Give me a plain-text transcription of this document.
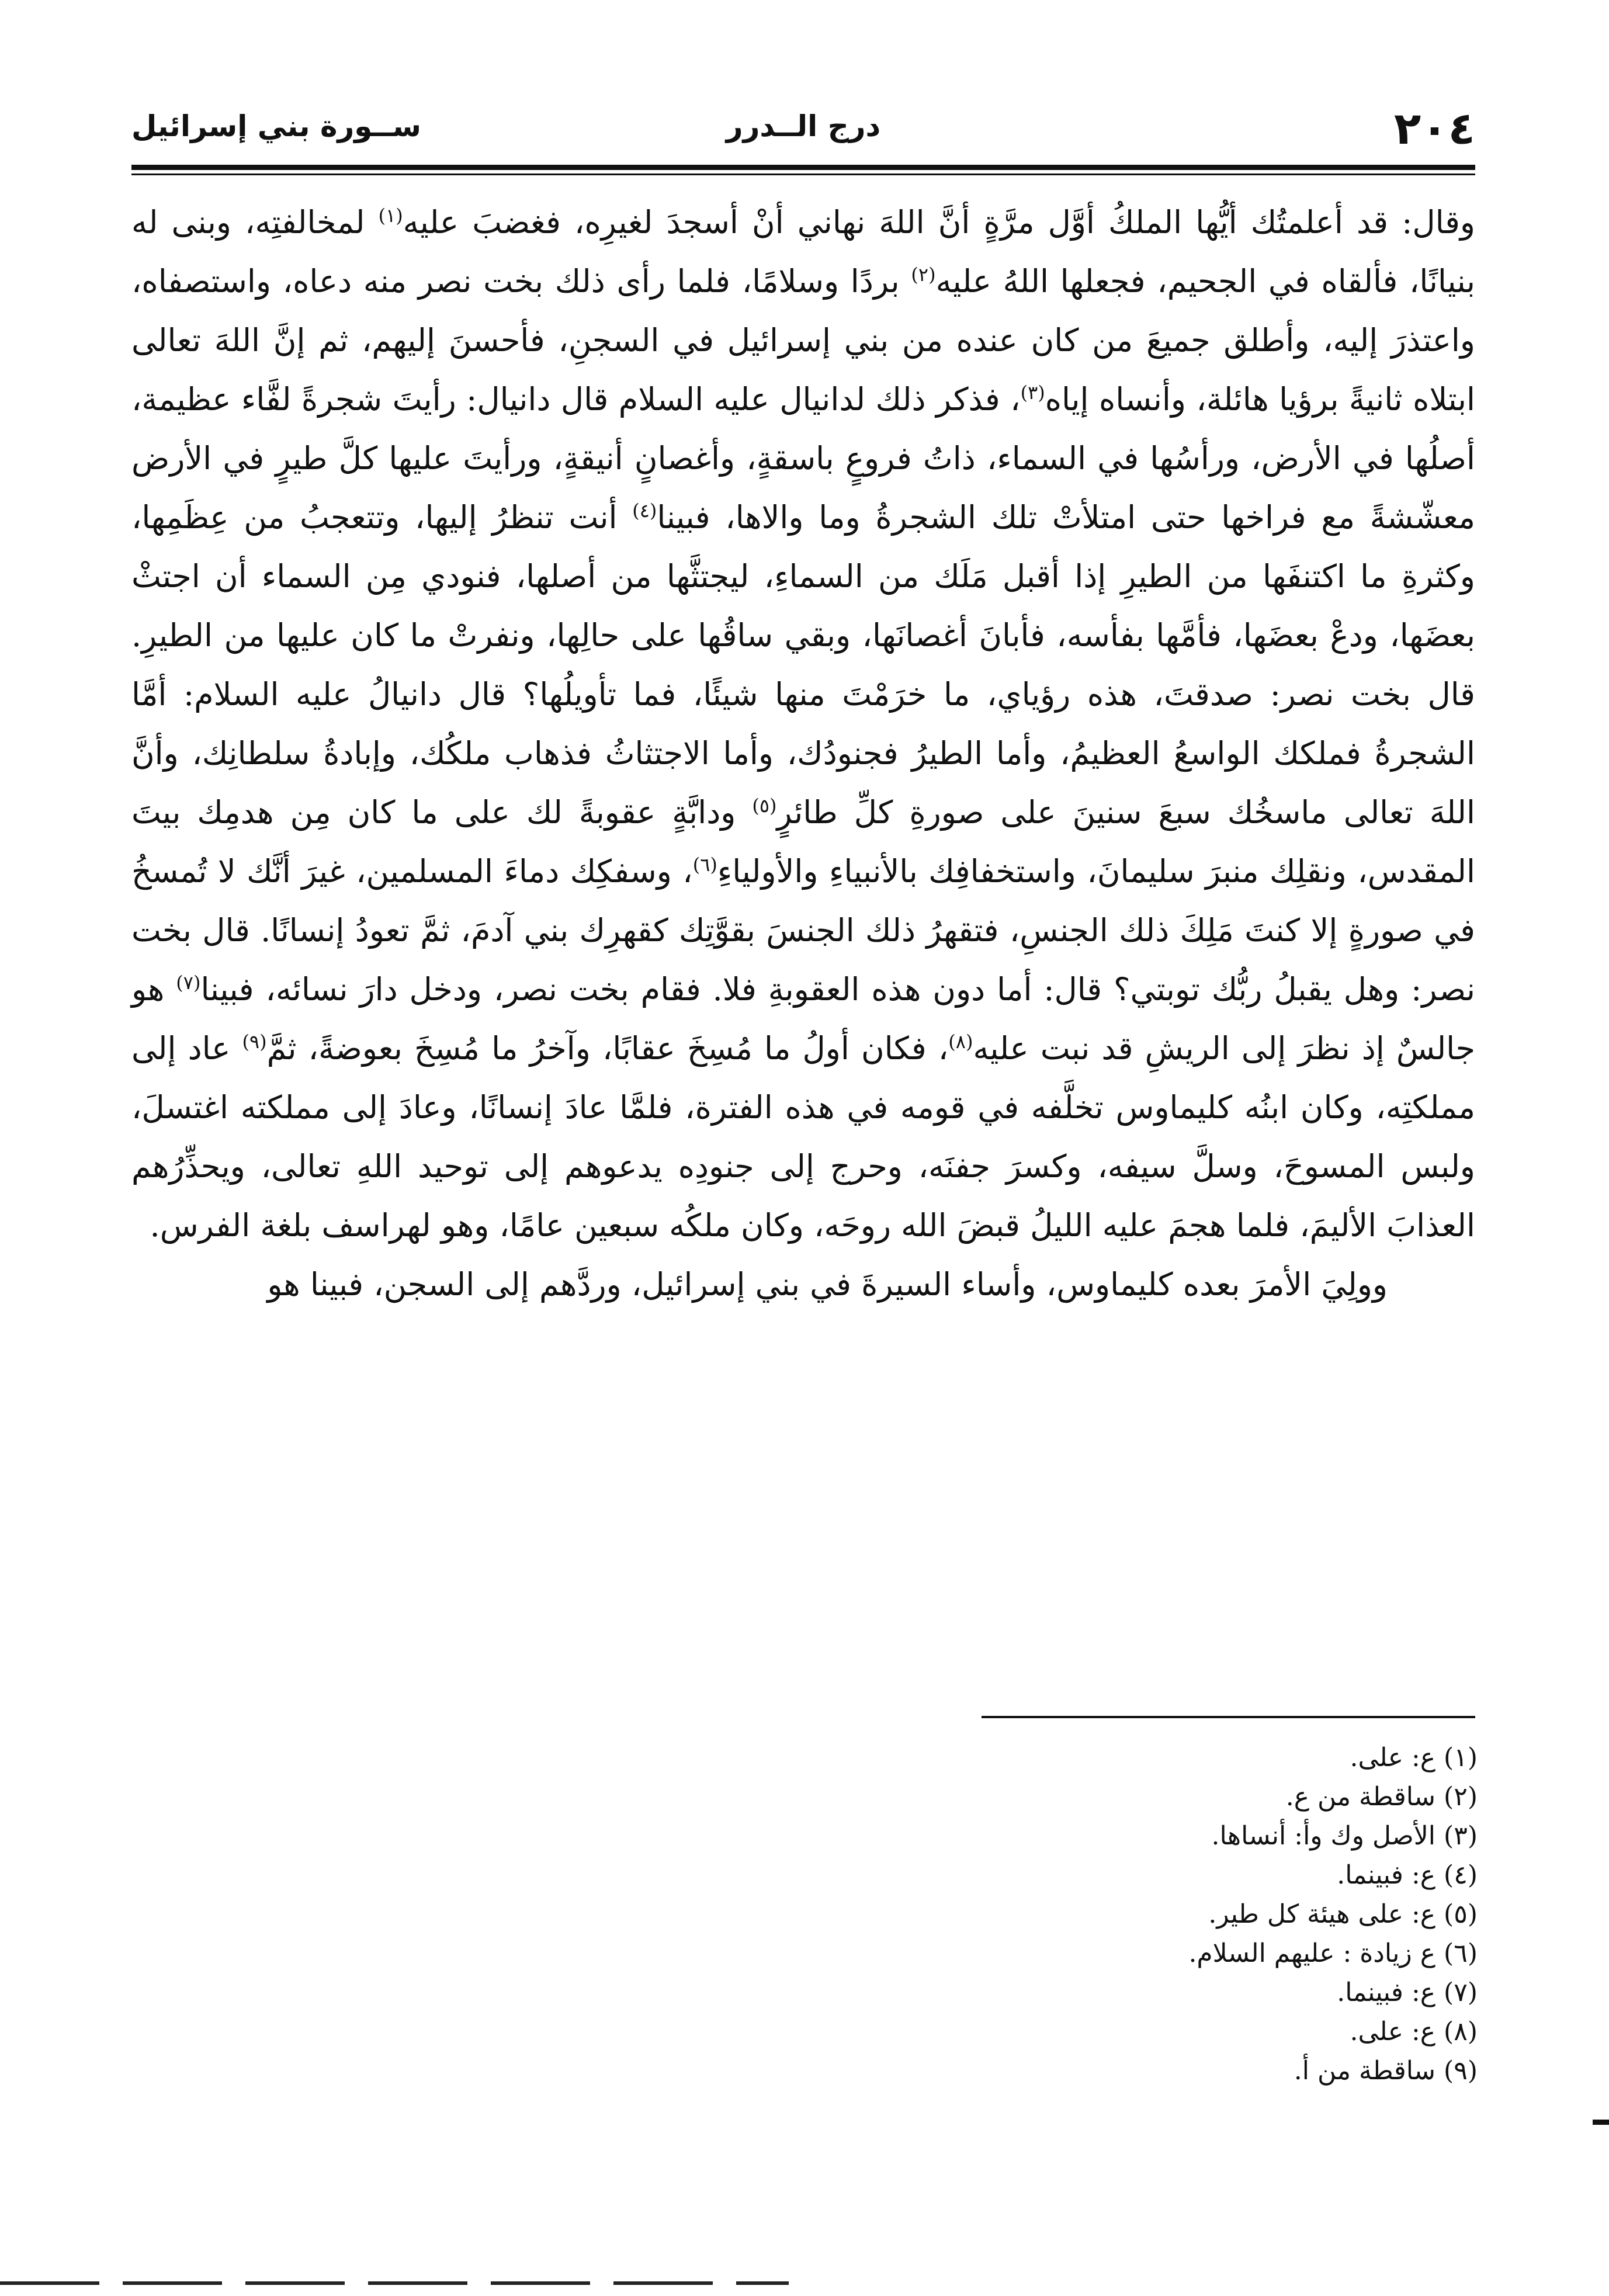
٢٠٤
درج الــدرر
ســورة بني إسرائيل

وقال: قد أعلمتُك أيُّها الملكُ أوَّل مرَّةٍ أنَّ اللهَ نهاني أنْ أسجدَ لغيرِه، فغضبَ عليه$^{(١)}$ لمخالفتِه، وبنى له بنيانًا، فألقاه في الجحيم، فجعلها اللهُ عليه$^{(٢)}$ بردًا وسلامًا، فلما رأى ذلك بخت نصر منه دعاه، واستصفاه، واعتذرَ إليه، وأطلق جميعَ من كان عنده من بني إسرائيل في السجنِ، فأحسنَ إليهم، ثم إنَّ اللهَ تعالى ابتلاه ثانيةً برؤيا هائلة، وأنساه إياه$^{(٣)}$، فذكر ذلك لدانيال عليه السلام قال دانيال: رأيتَ شجرةً لفَّاء عظيمة، أصلُها في الأرض، ورأسُها في السماء، ذاتُ فروعٍ باسقةٍ، وأغصانٍ أنيقةٍ، ورأيتَ عليها كلَّ طيرٍ في الأرض معشّشةً مع فراخها حتى امتلأتْ تلك الشجرةُ وما والاها، فبينا$^{(٤)}$ أنت تنظرُ إليها، وتتعجبُ من عِظَمِها، وكثرةِ ما اكتنفَها من الطيرِ إذا أقبل مَلَك من السماءِ، ليجتثَّها من أصلها، فنودي مِن السماء أن اجتثْ بعضَها، ودعْ بعضَها، فأمَّها بفأسه، فأبانَ أغصانَها، وبقي ساقُها على حالِها، ونفرتْ ما كان عليها من الطيرِ. قال بخت نصر: صدقتَ، هذه رؤياي، ما خرَمْتَ منها شيئًا، فما تأويلُها؟ قال دانيالُ عليه السلام: أمَّا الشجرةُ فملكك الواسعُ العظيمُ، وأما الطيرُ فجنودُك، وأما الاجتثاثُ فذهاب ملكُك، وإبادةُ سلطانِك، وأنَّ اللهَ تعالى ماسخُك سبعَ سنينَ على صورةِ كلِّ طائرٍ$^{(٥)}$ ودابَّةٍ عقوبةً لك على ما كان مِن هدمِك بيتَ المقدس، ونقلِك منبرَ سليمانَ، واستخفافِك بالأنبياءِ والأولياءِ$^{(٦)}$، وسفكِك دماءَ المسلمين، غيرَ أنَّك لا تُمسخُ في صورةٍ إلا كنتَ مَلِكَ ذلك الجنسِ، فتقهرُ ذلك الجنسَ بقوَّتِك كقهرِك بني آدمَ، ثمَّ تعودُ إنسانًا. قال بخت نصر: وهل يقبلُ ربُّك توبتي؟ قال: أما دون هذه العقوبةِ فلا. فقام بخت نصر، ودخل دارَ نسائه، فبينا$^{(٧)}$ هو جالسٌ إذ نظرَ إلى الريشِ قد نبت عليه$^{(٨)}$، فكان أولُ ما مُسِخَ عقابًا، وآخرُ ما مُسِخَ بعوضةً، ثمَّ$^{(٩)}$ عاد إلى مملكتِه، وكان ابنُه كليماوس تخلَّفه في قومه في هذه الفترة، فلمَّا عادَ إنسانًا، وعادَ إلى مملكته اغتسلَ، ولبس المسوحَ، وسلَّ سيفه، وكسرَ جفنَه، وحرج إلى جنودِه يدعوهم إلى توحيد اللهِ تعالى، ويحذِّرُهم العذابَ الأليمَ، فلما هجمَ عليه الليلُ قبضَ الله روحَه، وكان ملكُه سبعين عامًا، وهو لهراسف بلغة الفرس.

وولِيَ الأمرَ بعده كليماوس، وأساء السيرةَ في بني إسرائيل، وردَّهم إلى السجن، فبينا هو

(١) ع: على.
(٢) ساقطة من ع.
(٣) الأصل وك وأ: أنساها.
(٤) ع: فبينما.
(٥) ع: على هيئة كل طير.
(٦) ع زيادة : عليهم السلام.
(٧) ع: فبينما.
(٨) ع: على.
(٩) ساقطة من أ.
